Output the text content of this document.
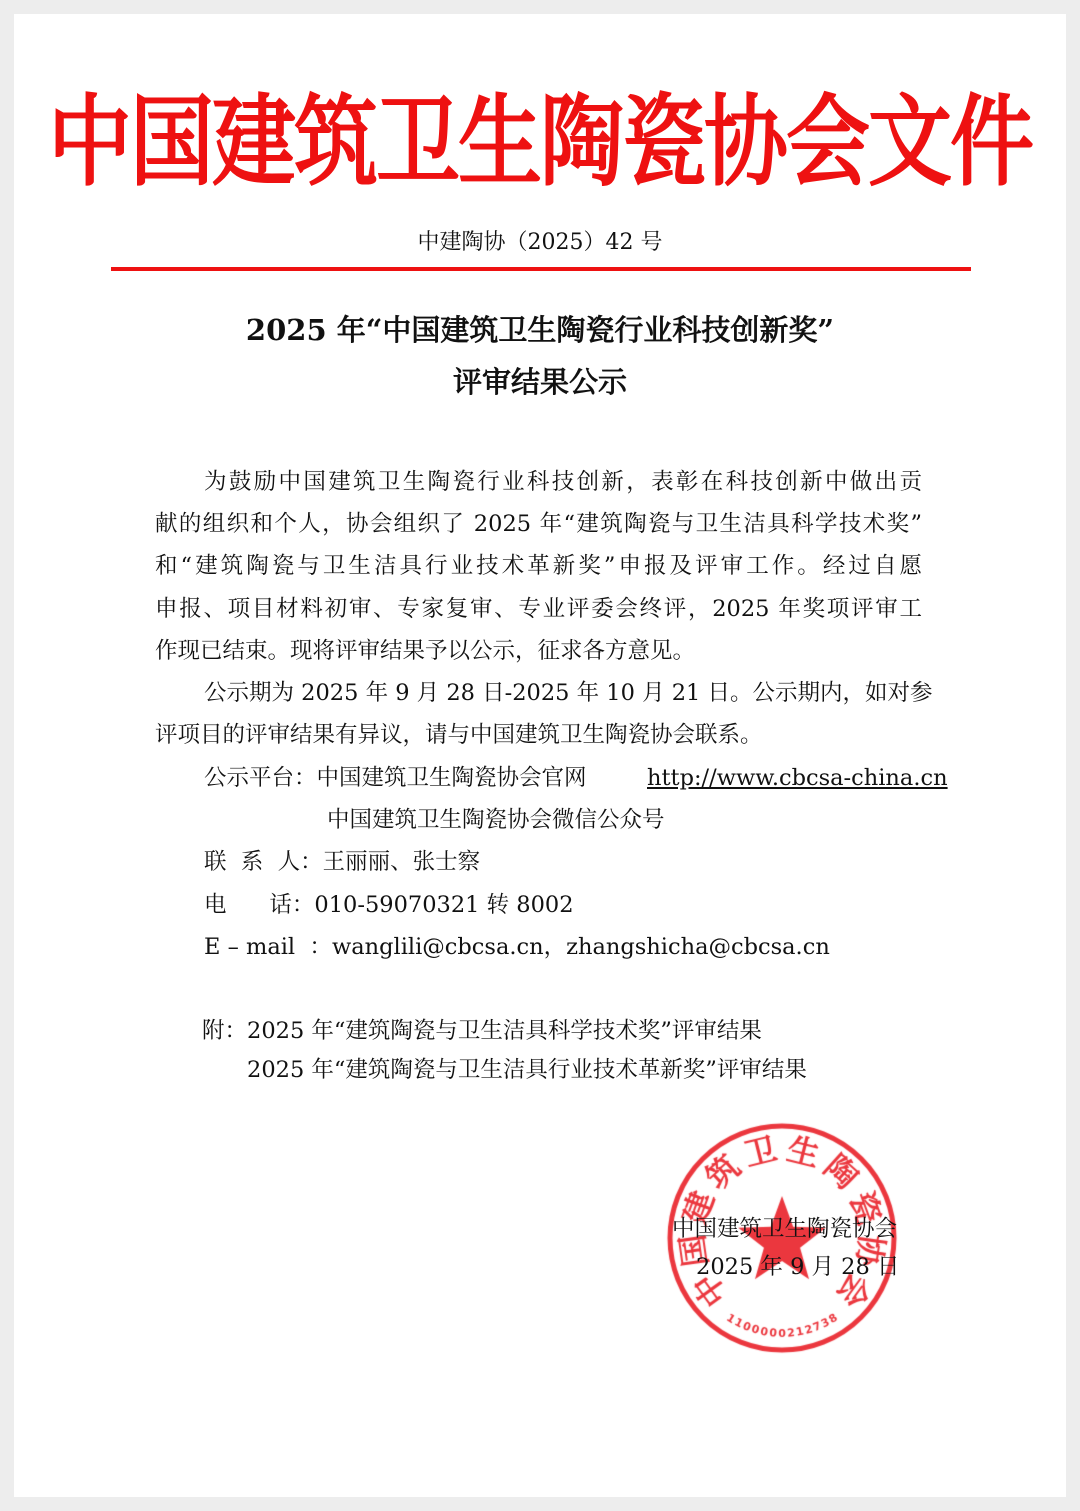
中国建筑卫生陶瓷协会文件
中建陶协（2025）42 号
2025 年“中国建筑卫生陶瓷行业科技创新奖”
评审结果公示
为鼓励中国建筑卫生陶瓷行业科技创新，表彰在科技创新中做出贡
献的组织和个人，协会组织了 2025 年“建筑陶瓷与卫生洁具科学技术奖”
和“建筑陶瓷与卫生洁具行业技术革新奖”申报及评审工作。经过自愿
申报、项目材料初审、专家复审、专业评委会终评，2025 年奖项评审工
作现已结束。现将评审结果予以公示，征求各方意见。
公示期为 2025 年 9 月 28 日-2025 年 10 月 21 日。公示期内，如对参
评项目的评审结果有异议，请与中国建筑卫生陶瓷协会联系。
公示平台：中国建筑卫生陶瓷协会官网	http://www.cbcsa-china.cn
中国建筑卫生陶瓷协会微信公众号
联  系  人：王丽丽、张士察
电      话：010-59070321 转 8002
E – mail  ：wanglili@cbcsa.cn，zhangshicha@cbcsa.cn
附：2025 年“建筑陶瓷与卫生洁具科学技术奖”评审结果
2025 年“建筑陶瓷与卫生洁具行业技术革新奖”评审结果
中国建筑卫生陶瓷协会
2025 年 9 月 28 日
